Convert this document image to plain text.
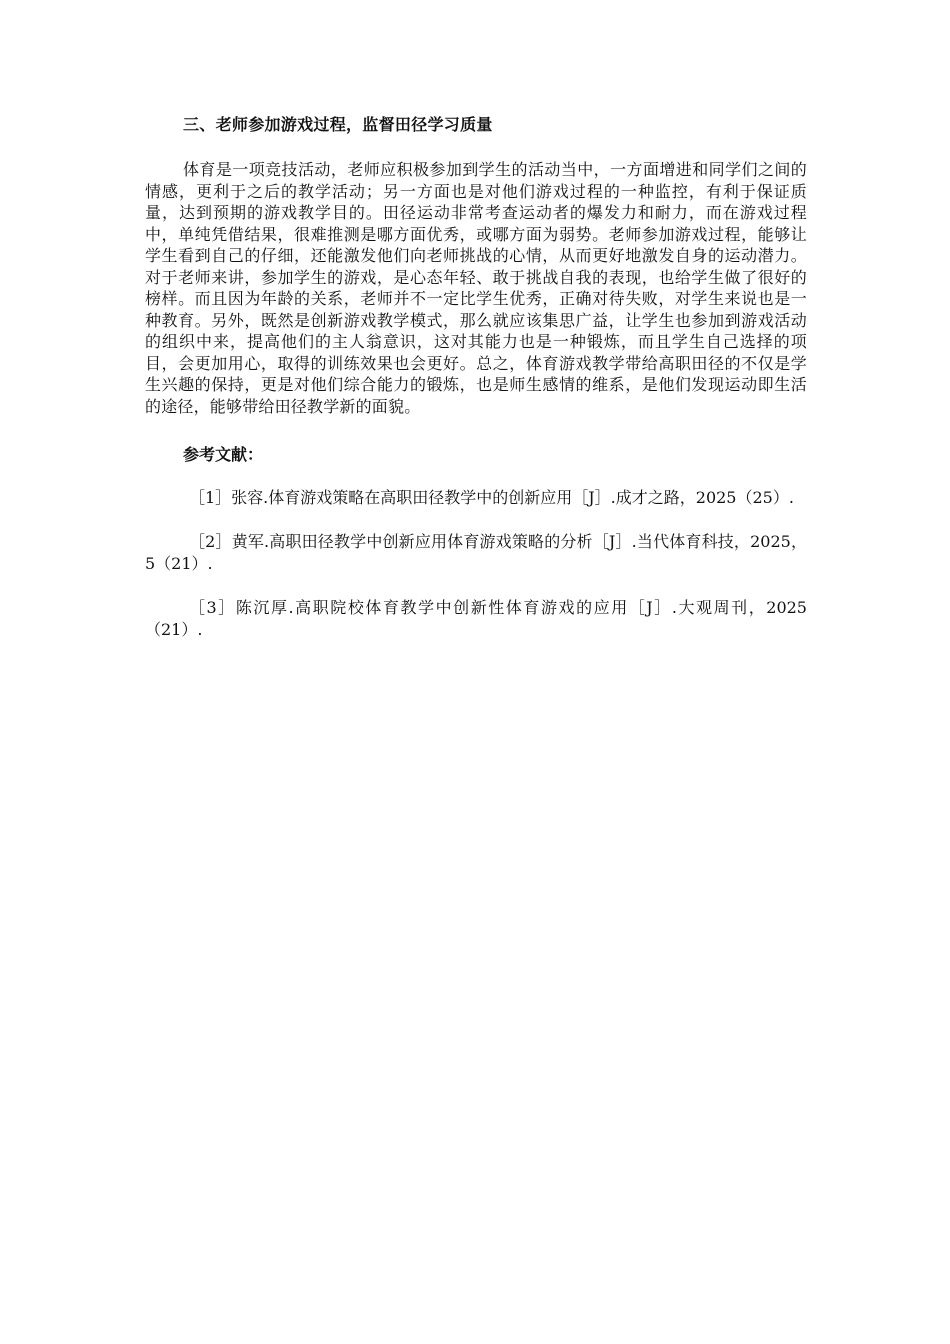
三、老师参加游戏过程，监督田径学习质量

体育是一项竞技活动，老师应积极参加到学生的活动当中，一方面增进和同学们之间的情感，更利于之后的教学活动；另一方面也是对他们游戏过程的一种监控，有利于保证质量，达到预期的游戏教学目的。田径运动非常考查运动者的爆发力和耐力，而在游戏过程中，单纯凭借结果，很难推测是哪方面优秀，或哪方面为弱势。老师参加游戏过程，能够让学生看到自己的仔细，还能激发他们向老师挑战的心情，从而更好地激发自身的运动潜力。对于老师来讲，参加学生的游戏，是心态年轻、敢于挑战自我的表现，也给学生做了很好的榜样。而且因为年龄的关系，老师并不一定比学生优秀，正确对待失败，对学生来说也是一种教育。另外，既然是创新游戏教学模式，那么就应该集思广益，让学生也参加到游戏活动的组织中来，提高他们的主人翁意识，这对其能力也是一种锻炼，而且学生自己选择的项目，会更加用心，取得的训练效果也会更好。总之，体育游戏教学带给高职田径的不仅是学生兴趣的保持，更是对他们综合能力的锻炼，也是师生感情的维系，是他们发现运动即生活的途径，能够带给田径教学新的面貌。

参考文献：

［1］张容.体育游戏策略在高职田径教学中的创新应用［J］.成才之路，2025（25）.

［2］黄军.高职田径教学中创新应用体育游戏策略的分析［J］.当代体育科技，2025，5（21）.

［3］陈沉厚.高职院校体育教学中创新性体育游戏的应用［J］.大观周刊，2025（21）.
